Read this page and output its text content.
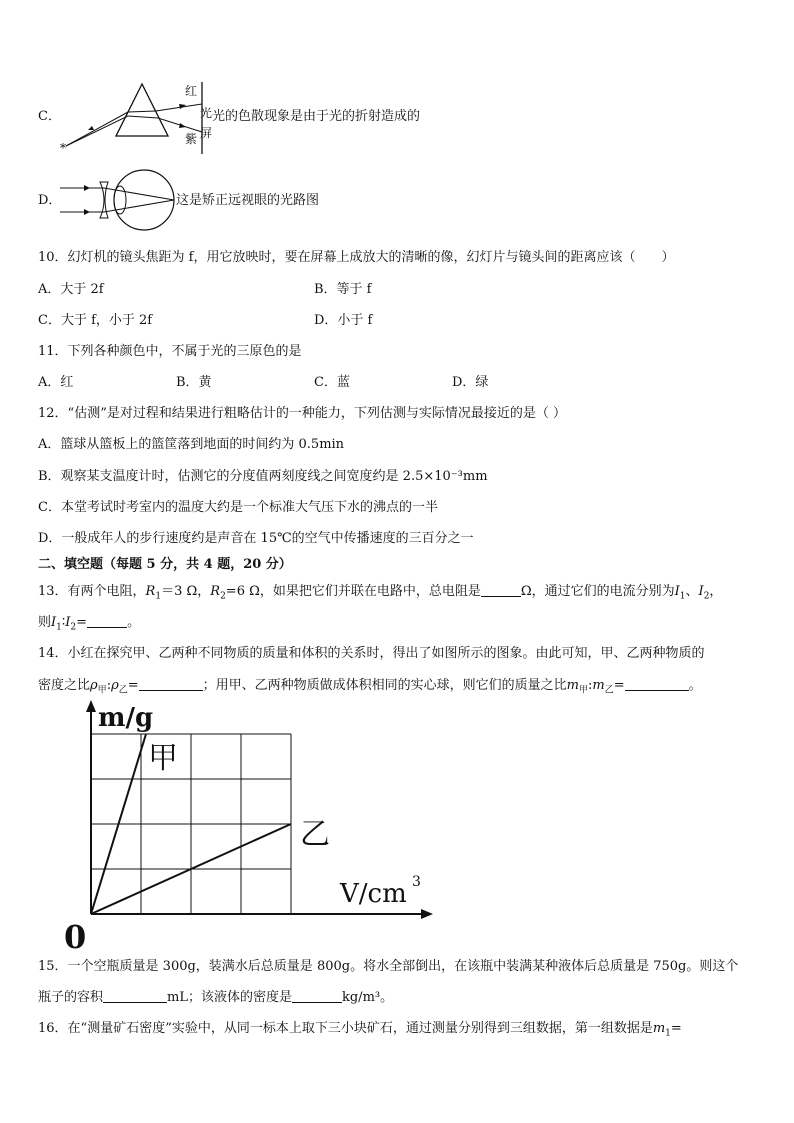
C．
*
红
紫
光
屏
光的色散现象是由于光的折射造成的
D．	这是矫正远视眼的光路图
10．幻灯机的镜头焦距为 f，用它放映时，要在屏幕上成放大的清晰的像，幻灯片与镜头间的距离应该（　　）
A．大于 2f	B．等于 f
C．大于 f，小于 2f	D．小于 f
11．下列各种颜色中，不属于光的三原色的是
A．红	B．黄	C．蓝	D．绿
12．“估测”是对过程和结果进行粗略估计的一种能力，下列估测与实际情况最接近的是（ ）
A．篮球从篮板上的篮筐落到地面的时间约为 0.5min
B．观察某支温度计时，估测它的分度值两刻度线之间宽度约是 2.5×10⁻³mm
C．本堂考试时考室内的温度大约是一个标准大气压下水的沸点的一半
D．一般成年人的步行速度约是声音在 15℃的空气中传播速度的三百分之一
二、填空题（每题 5 分，共 4 题，20 分）
13．有两个电阻，$R_1=3$ Ω，$R_2=6$ Ω，如果把它们并联在电路中，总电阻是	Ω，通过它们的电流分别为$I_1$、$I_2$，
则$I_1∶I_2=$	。
14．小红在探究甲、乙两种不同物质的质量和体积的关系时，得出了如图所示的图象。由此可知，甲、乙两种物质的
密度之比$\rho_甲:\rho_乙=$	；用甲、乙两种物质做成体积相同的实心球，则它们的质量之比$m_甲:m_乙=$	。
m/g
V/cm 3
0
甲
乙
15．一个空瓶质量是 300g，装满水后总质量是 800g。将水全部倒出，在该瓶中装满某种液体后总质量是 750g。则这个
瓶子的容积	mL；该液体的密度是	kg/m³。
16．在“测量矿石密度”实验中，从同一标本上取下三小块矿石，通过测量分别得到三组数据，第一组数据是$m_1=$
